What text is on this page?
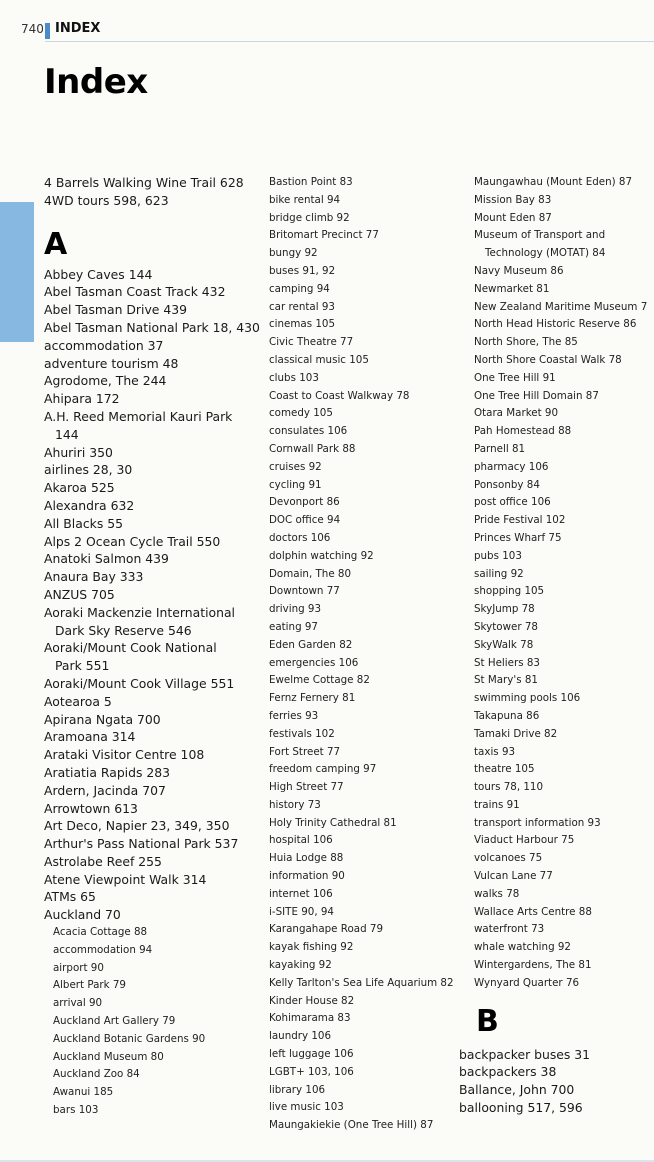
740 INDEX
Index
4 Barrels Walking Wine Trail 628
4WD tours 598, 623
A
Abbey Caves 144
Abel Tasman Coast Track 432
Abel Tasman Drive 439
Abel Tasman National Park 18, 430
accommodation 37
adventure tourism 48
Agrodome, The 244
Ahipara 172
A.H. Reed Memorial Kauri Park
144
Ahuriri 350
airlines 28, 30
Akaroa 525
Alexandra 632
All Blacks 55
Alps 2 Ocean Cycle Trail 550
Anatoki Salmon 439
Anaura Bay 333
ANZUS 705
Aoraki Mackenzie International
Dark Sky Reserve 546
Aoraki/Mount Cook National
Park 551
Aoraki/Mount Cook Village 551
Aotearoa 5
Apirana Ngata 700
Aramoana 314
Arataki Visitor Centre 108
Aratiatia Rapids 283
Ardern, Jacinda 707
Arrowtown 613
Art Deco, Napier 23, 349, 350
Arthur's Pass National Park 537
Astrolabe Reef 255
Atene Viewpoint Walk 314
ATMs 65
Auckland 70
Acacia Cottage 88
accommodation 94
airport 90
Albert Park 79
arrival 90
Auckland Art Gallery 79
Auckland Botanic Gardens 90
Auckland Museum 80
Auckland Zoo 84
Awanui 185
bars 103
Bastion Point 83
bike rental 94
bridge climb 92
Britomart Precinct 77
bungy 92
buses 91, 92
camping 94
car rental 93
cinemas 105
Civic Theatre 77
classical music 105
clubs 103
Coast to Coast Walkway 78
comedy 105
consulates 106
Cornwall Park 88
cruises 92
cycling 91
Devonport 86
DOC office 94
doctors 106
dolphin watching 92
Domain, The 80
Downtown 77
driving 93
eating 97
Eden Garden 82
emergencies 106
Ewelme Cottage 82
Fernz Fernery 81
ferries 93
festivals 102
Fort Street 77
freedom camping 97
High Street 77
history 73
Holy Trinity Cathedral 81
hospital 106
Huia Lodge 88
information 90
internet 106
i-SITE 90, 94
Karangahape Road 79
kayak fishing 92
kayaking 92
Kelly Tarlton's Sea Life Aquarium 82
Kinder House 82
Kohimarama 83
laundry 106
left luggage 106
LGBT+ 103, 106
library 106
live music 103
Maungakiekie (One Tree Hill) 87
Maungawhau (Mount Eden) 87
Mission Bay 83
Mount Eden 87
Museum of Transport and
Technology (MOTAT) 84
Navy Museum 86
Newmarket 81
New Zealand Maritime Museum 7
North Head Historic Reserve 86
North Shore, The 85
North Shore Coastal Walk 78
One Tree Hill 91
One Tree Hill Domain 87
Otara Market 90
Pah Homestead 88
Parnell 81
pharmacy 106
Ponsonby 84
post office 106
Pride Festival 102
Princes Wharf 75
pubs 103
sailing 92
shopping 105
SkyJump 78
Skytower 78
SkyWalk 78
St Heliers 83
St Mary's 81
swimming pools 106
Takapuna 86
Tamaki Drive 82
taxis 93
theatre 105
tours 78, 110
trains 91
transport information 93
Viaduct Harbour 75
volcanoes 75
Vulcan Lane 77
walks 78
Wallace Arts Centre 88
waterfront 73
whale watching 92
Wintergardens, The 81
Wynyard Quarter 76
B
backpacker buses 31
backpackers 38
Ballance, John 700
ballooning 517, 596
